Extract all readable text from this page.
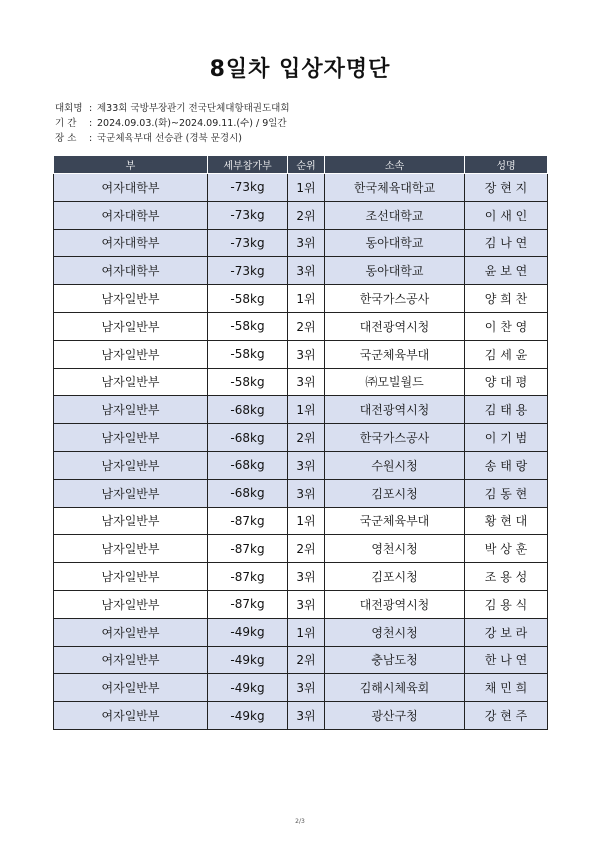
8일차 입상자명단
대회명 : 제33회 국방부장관기 전국단체대항태권도대회
기 간 : 2024.09.03.(화)~2024.09.11.(수) / 9일간
장 소 : 국군체육부대 선승관 (경북 문경시)
부	세부참가부	순위	소속	성명
여자대학부	-73kg	1위	한국체육대학교	장 현 지
여자대학부	-73kg	2위	조선대학교	이 새 인
여자대학부	-73kg	3위	동아대학교	김 나 연
여자대학부	-73kg	3위	동아대학교	윤 보 연
남자일반부	-58kg	1위	한국가스공사	양 희 찬
남자일반부	-58kg	2위	대전광역시청	이 찬 영
남자일반부	-58kg	3위	국군체육부대	김 세 윤
남자일반부	-58kg	3위	㈜모빌월드	양 대 평
남자일반부	-68kg	1위	대전광역시청	김 태 용
남자일반부	-68kg	2위	한국가스공사	이 기 범
남자일반부	-68kg	3위	수원시청	송 태 랑
남자일반부	-68kg	3위	김포시청	김 동 현
남자일반부	-87kg	1위	국군체육부대	황 현 대
남자일반부	-87kg	2위	영천시청	박 상 훈
남자일반부	-87kg	3위	김포시청	조 용 성
남자일반부	-87kg	3위	대전광역시청	김 용 식
여자일반부	-49kg	1위	영천시청	강 보 라
여자일반부	-49kg	2위	충남도청	한 나 연
여자일반부	-49kg	3위	김해시체육회	채 민 희
여자일반부	-49kg	3위	광산구청	강 현 주
2/3
